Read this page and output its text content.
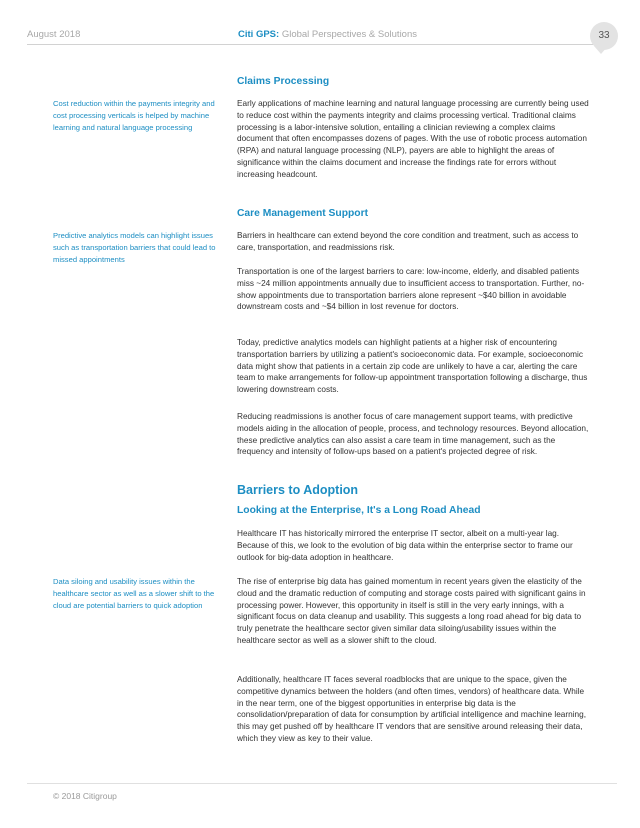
August 2018	Citi GPS: Global Perspectives & Solutions	33
Cost reduction within the payments integrity and cost processing verticals is helped by machine learning and natural language processing
Predictive analytics models can highlight issues such as transportation barriers that could lead to missed appointments
Data siloing and usability issues within the healthcare sector as well as a slower shift to the cloud are potential barriers to quick adoption
Claims Processing

Early applications of machine learning and natural language processing are currently being used to reduce cost within the payments integrity and claims processing vertical. Traditional claims processing is a labor-intensive solution, entailing a clinician reviewing a complex claims document that often encompasses dozens of pages. With the use of robotic process automation (RPA) and natural language processing (NLP), payers are able to highlight the areas of significance within the claims document and increase the findings rate for errors without increasing headcount.

Care Management Support

Barriers in healthcare can extend beyond the core condition and treatment, such as access to care, transportation, and readmissions risk.

Transportation is one of the largest barriers to care: low-income, elderly, and disabled patients miss ~24 million appointments annually due to insufficient access to transportation. Further, no-show appointments due to transportation barriers alone represent ~$40 billion in avoidable downstream costs and ~$4 billion in lost revenue for doctors.

Today, predictive analytics models can highlight patients at a higher risk of encountering transportation barriers by utilizing a patient's socioeconomic data. For example, socioeconomic data might show that patients in a certain zip code are unlikely to have a car, alerting the care team to make arrangements for follow-up appointment transportation following a discharge, thus lowering downstream costs.

Reducing readmissions is another focus of care management support teams, with predictive models aiding in the allocation of people, process, and technology resources. Beyond allocation, these predictive analytics can also assist a care team in time management, such as the frequency and intensity of follow-ups based on a patient's projected degree of risk.

Barriers to Adoption
Looking at the Enterprise, It's a Long Road Ahead

Healthcare IT has historically mirrored the enterprise IT sector, albeit on a multi-year lag. Because of this, we look to the evolution of big data within the enterprise sector to frame our outlook for big-data adoption in healthcare.

The rise of enterprise big data has gained momentum in recent years given the elasticity of the cloud and the dramatic reduction of computing and storage costs paired with significant gains in processing power. However, this opportunity in itself is still in the very early innings, with a significant focus on data cleanup and usability. This suggests a long road ahead for big data to truly penetrate the healthcare sector given similar data siloing/usability issues within the healthcare sector as well as a slower shift to the cloud.

Additionally, healthcare IT faces several roadblocks that are unique to the space, given the competitive dynamics between the holders (and often times, vendors) of healthcare data. While in the near term, one of the biggest opportunities in enterprise big data is the consolidation/preparation of data for consumption by artificial intelligence and machine learning, this may get pushed off by healthcare IT vendors that are sensitive around releasing their data, which they view as key to their value.

© 2018 Citigroup
